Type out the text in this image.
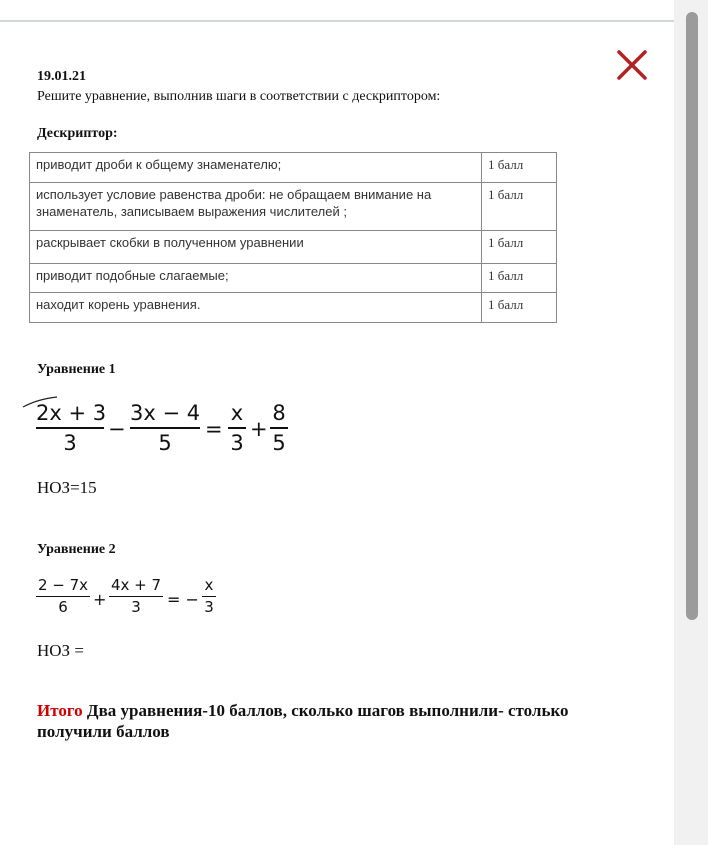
19.01.21
Решите уравнение, выполнив шаги в соответствии с дескриптором:
Дескриптор:
приводит дроби к общему знаменателю;	1 балл
использует условие равенства дроби: не обращаем внимание на знаменатель, записываем выражения числителей ;	1 балл
раскрывает скобки в полученном уравнении	1 балл
приводит подобные слагаемые;	1 балл
находит корень уравнения.	1 балл
Уравнение 1
2x + 3
3
−
3x − 4
5
=
x
3
+
8
5
НОЗ=15
Уравнение 2
2 − 7x
6	+
4x + 7
3	= −
x
3
НОЗ =
Итого Два уравнения-10 баллов, сколько шагов выполнили- столько получили баллов
